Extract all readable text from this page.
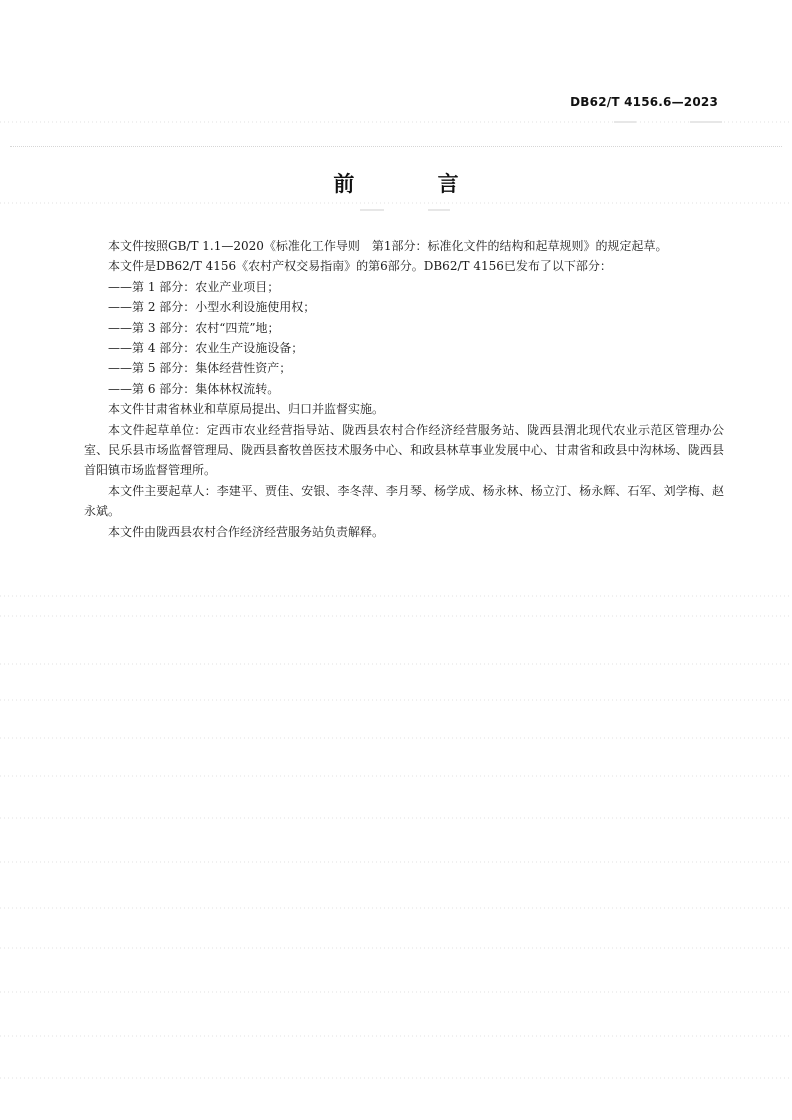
DB62/T 4156.6—2023
前 言

本文件按照GB/T 1.1—2020《标准化工作导则　第1部分：标准化文件的结构和起草规则》的规定起草。

本文件是DB62/T 4156《农村产权交易指南》的第6部分。DB62/T 4156已发布了以下部分：

——第 1 部分：农业产业项目；

——第 2 部分：小型水利设施使用权；

——第 3 部分：农村“四荒”地；

——第 4 部分：农业生产设施设备；

——第 5 部分：集体经营性资产；

——第 6 部分：集体林权流转。

本文件甘肃省林业和草原局提出、归口并监督实施。

本文件起草单位：定西市农业经营指导站、陇西县农村合作经济经营服务站、陇西县渭北现代农业示范区管理办公室、民乐县市场监督管理局、陇西县畜牧兽医技术服务中心、和政县林草事业发展中心、甘肃省和政县中沟林场、陇西县首阳镇市场监督管理所。

本文件主要起草人：李建平、贾佳、安银、李冬萍、李月琴、杨学成、杨永林、杨立汀、杨永辉、石军、刘学梅、赵永斌。

本文件由陇西县农村合作经济经营服务站负责解释。
